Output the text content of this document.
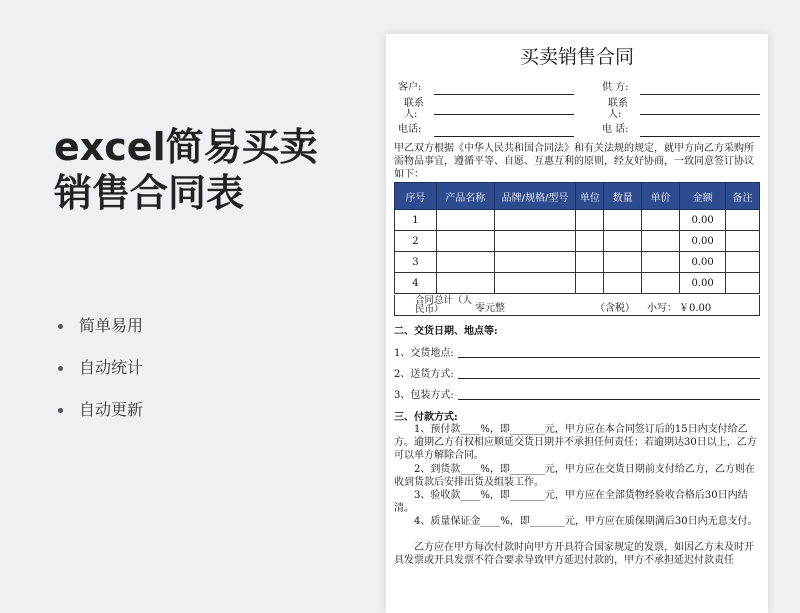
excel简易买卖
销售合同表
简单易用
自动统计
自动更新
买卖销售合同
客户:
联系人:
电话:
供 方:
联系人:
电 话:
甲乙双方根据《中华人民共和国合同法》和有关法规的规定，就甲方向乙方采购所需物品事宜，遵循平等、自愿、互惠互利的原则，经友好协商，一致同意签订协议如下：
序号	产品名称	品牌/规格/型号	单位	数量	单价	金额	备注
1						0.00	
2						0.00	
3						0.00	
4						0.00	
合同总计（人民币）	零元整	（含税） 小写： ￥0.00
二、交货日期、地点等:
1、交货地点:
2、送货方式:
3、包装方式:
三、付款方式:
1、预付款____%，即_______元，甲方应在本合同签订后的15日内支付给乙方。逾期乙方有权相应顺延交货日期并不承担任何责任；若逾期达30日以上，乙方可以单方解除合同。
2、到货款____%，即_______元，甲方应在交货日期前支付给乙方，乙方则在收到货款后安排出货及组装工作。
3、验收款____%，即_______元，甲方应在全部货物经验收合格后30日内结清。
4、质量保证金____%，即_______元，甲方应在质保期满后30日内无息支付。
乙方应在甲方每次付款时向甲方开具符合国家规定的发票，如因乙方未及时开具发票或开具发票不符合要求导致甲方延迟付款的，甲方不承担延迟付款责任
